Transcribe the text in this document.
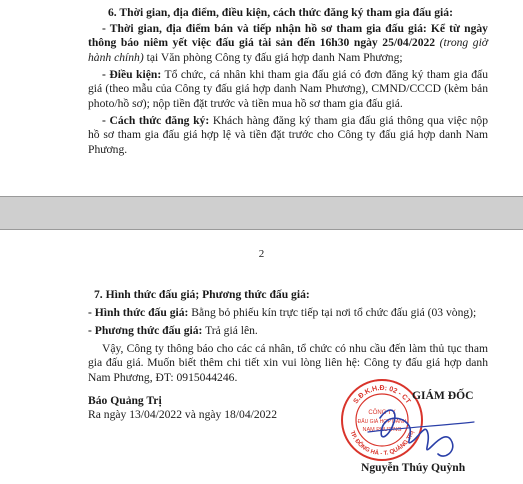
6. Thời gian, địa điểm, điều kiện, cách thức đăng ký tham gia đấu giá:

- Thời gian, địa điểm bán và tiếp nhận hồ sơ tham gia đấu giá: Kể từ ngày thông báo niêm yết việc đấu giá tài sản đến 16h30 ngày 25/04/2022 (trong giờ hành chính) tại Văn phòng Công ty đấu giá hợp danh Nam Phương;

- Điều kiện: Tổ chức, cá nhân khi tham gia đấu giá có đơn đăng ký tham gia đấu giá (theo mẫu của Công ty đấu giá hợp danh Nam Phương), CMND/CCCD (kèm bản photo/hồ sơ); nộp tiền đặt trước và tiền mua hồ sơ tham gia đấu giá.

- Cách thức đăng ký: Khách hàng đăng ký tham gia đấu giá thông qua việc nộp hồ sơ tham gia đấu giá hợp lệ và tiền đặt trước cho Công ty đấu giá hợp danh Nam Phương.

2

7. Hình thức đấu giá; Phương thức đấu giá:

- Hình thức đấu giá: Bằng bỏ phiếu kín trực tiếp tại nơi tổ chức đấu giá (03 vòng);

- Phương thức đấu giá: Trả giá lên.

Vậy, Công ty thông báo cho các cá nhân, tổ chức có nhu cầu đến làm thủ tục tham gia đấu giá. Muốn biết thêm chi tiết xin vui lòng liên hệ: Công ty đấu giá hợp danh Nam Phương, ĐT: 0915044246.

Báo Quảng Trị

Ra ngày 13/04/2022 và ngày 18/04/2022

S.Đ.K.H.Đ: 02 - CT
TP. ĐÔNG HÀ - T. QUẢNG TRỊ
CÔNG TY
ĐẤU GIÁ HỢP DANH
NAM PHƯƠNG
GIÁM ĐỐC
Nguyễn Thúy Quỳnh
